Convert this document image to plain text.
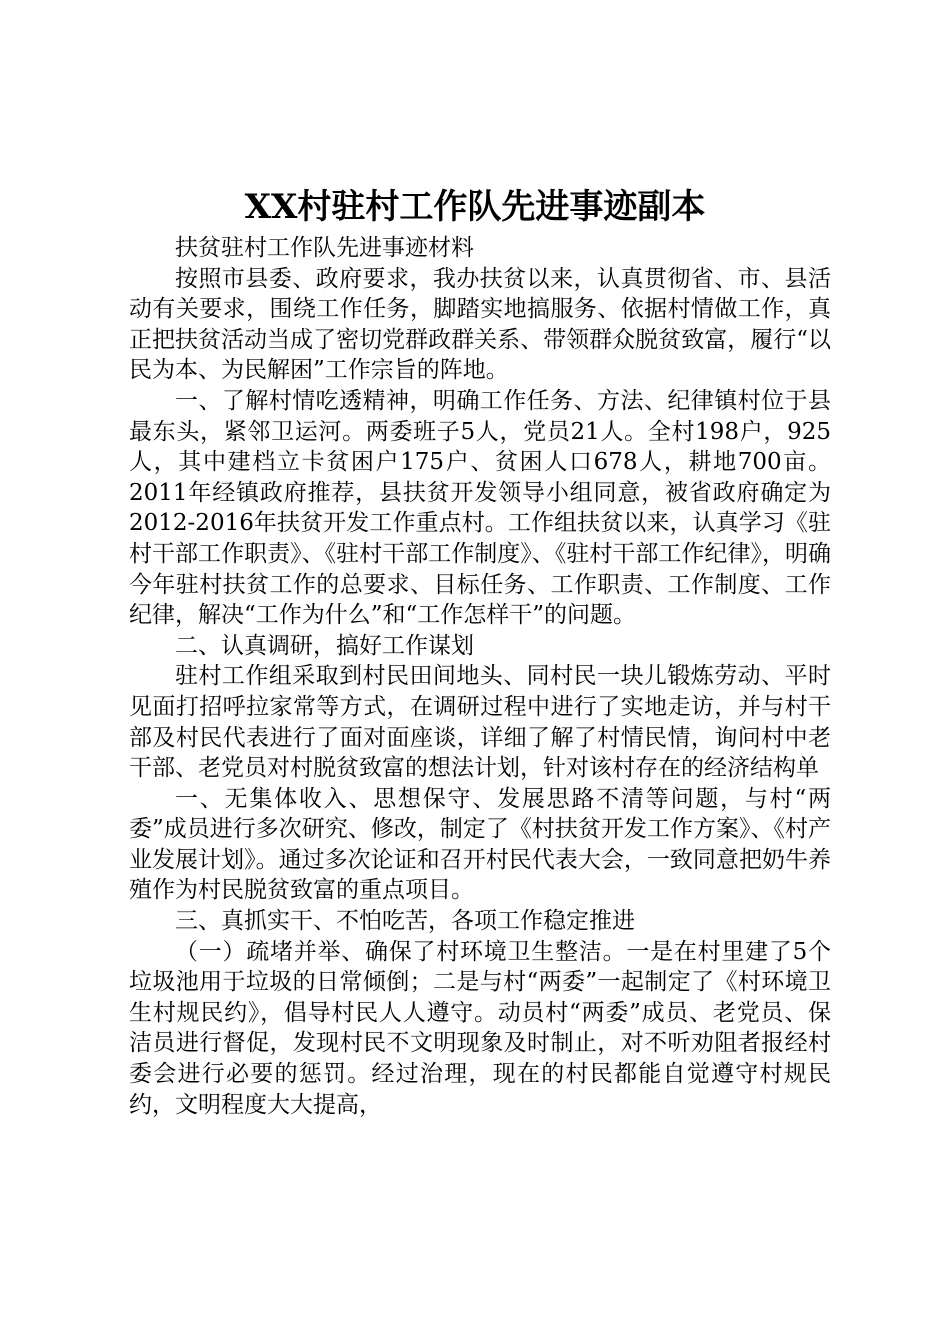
XX村驻村工作队先进事迹副本

扶贫驻村工作队先进事迹材料

按照市县委、政府要求，我办扶贫以来，认真贯彻省、市、县活动有关要求，围绕工作任务，脚踏实地搞服务、依据村情做工作，真正把扶贫活动当成了密切党群政群关系、带领群众脱贫致富，履行“以民为本、为民解困”工作宗旨的阵地。

一、了解村情吃透精神，明确工作任务、方法、纪律镇村位于县最东头，紧邻卫运河。两委班子5人，党员21人。全村198户，925人，其中建档立卡贫困户175户、贫困人口678人，耕地700亩。2011年经镇政府推荐，县扶贫开发领导小组同意，被省政府确定为2012-2016年扶贫开发工作重点村。工作组扶贫以来，认真学习《驻村干部工作职责》、《驻村干部工作制度》、《驻村干部工作纪律》，明确今年驻村扶贫工作的总要求、目标任务、工作职责、工作制度、工作纪律，解决“工作为什么”和“工作怎样干”的问题。

二、认真调研，搞好工作谋划

驻村工作组采取到村民田间地头、同村民一块儿锻炼劳动、平时见面打招呼拉家常等方式，在调研过程中进行了实地走访，并与村干部及村民代表进行了面对面座谈，详细了解了村情民情，询问村中老干部、老党员对村脱贫致富的想法计划，针对该村存在的经济结构单

一、无集体收入、思想保守、发展思路不清等问题，与村“两委”成员进行多次研究、修改，制定了《村扶贫开发工作方案》、《村产业发展计划》。通过多次论证和召开村民代表大会，一致同意把奶牛养殖作为村民脱贫致富的重点项目。

三、真抓实干、不怕吃苦，各项工作稳定推进

（一）疏堵并举、确保了村环境卫生整洁。一是在村里建了5个垃圾池用于垃圾的日常倾倒；二是与村“两委”一起制定了《村环境卫生村规民约》，倡导村民人人遵守。动员村“两委”成员、老党员、保洁员进行督促，发现村民不文明现象及时制止，对不听劝阻者报经村委会进行必要的惩罚。经过治理，现在的村民都能自觉遵守村规民约，文明程度大大提高，
